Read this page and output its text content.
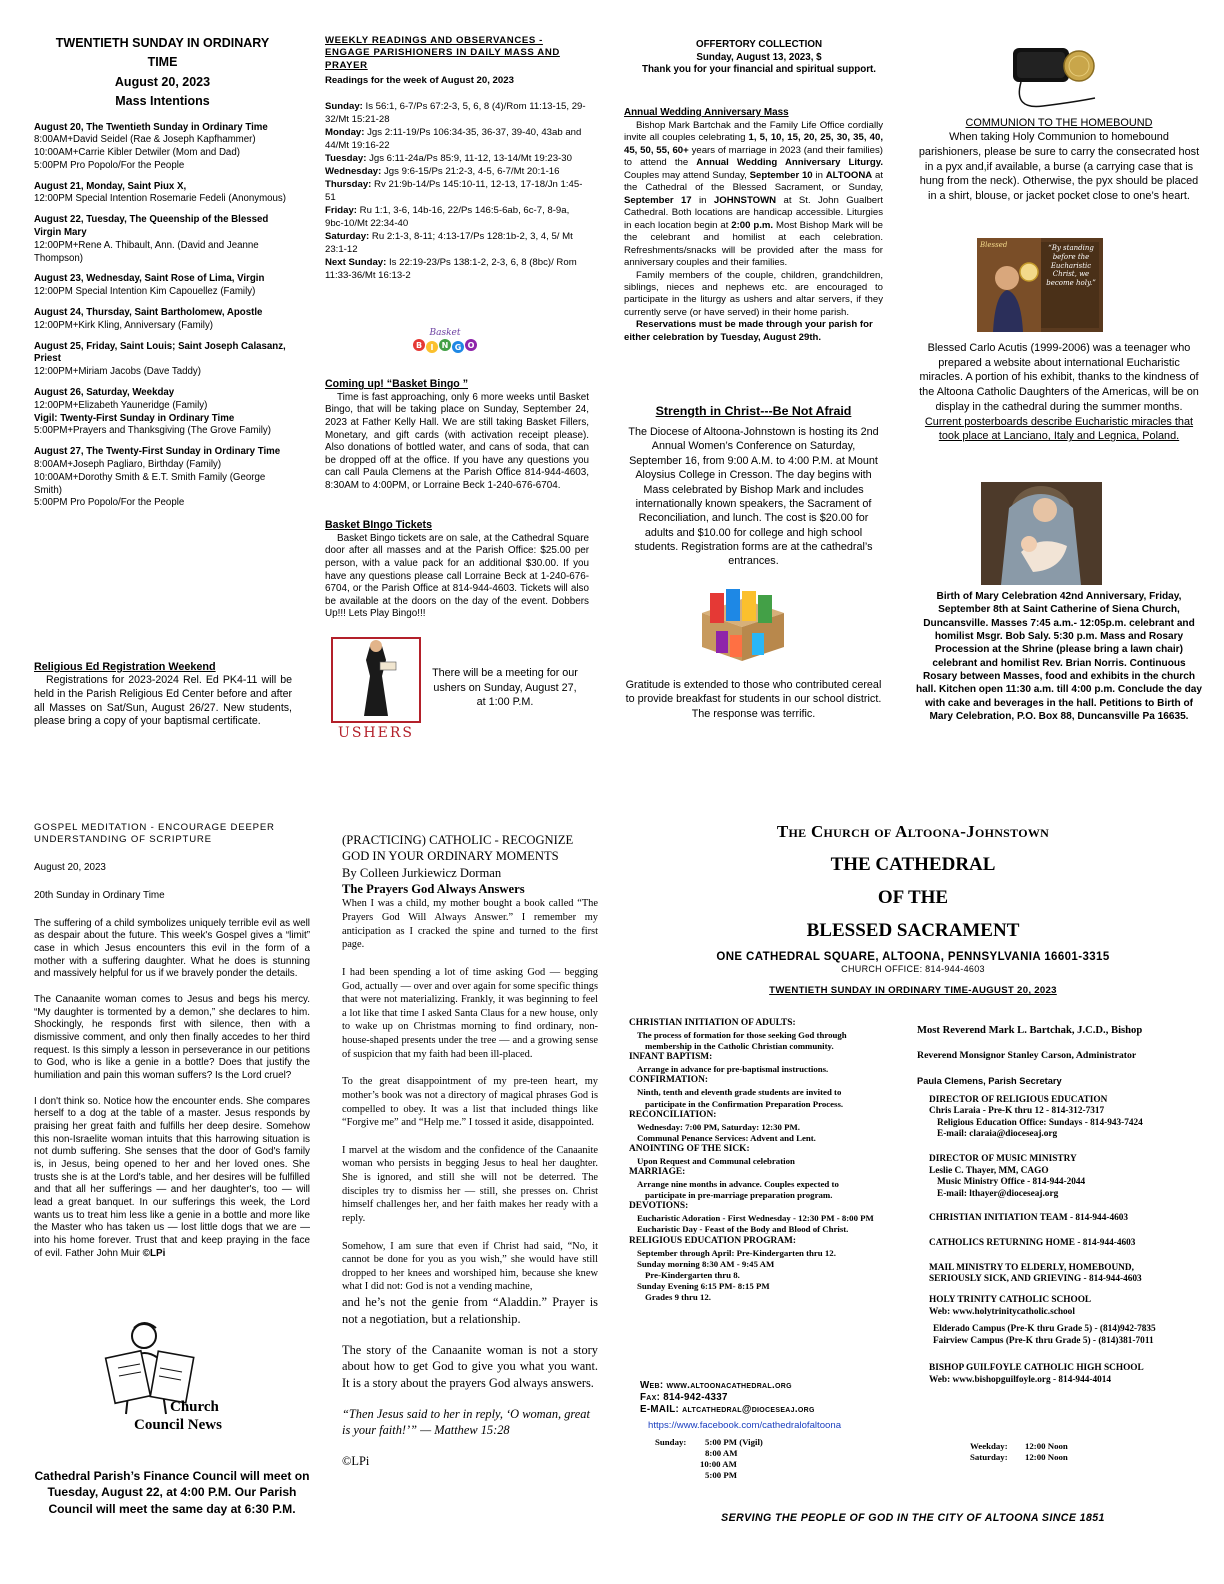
TWENTIETH SUNDAY IN ORDINARY
TIME
August 20, 2023
Mass Intentions

August 20, The Twentieth Sunday in Ordinary Time

8:00AM+David Seidel (Rae & Joseph Kapfhammer)

10:00AM+Carrie Kibler Detwiler (Mom and Dad)

5:00PM Pro Popolo/For the People

August 21, Monday, Saint Piux X,

12:00PM Special Intention Rosemarie Fedeli (Anonymous)

August 22, Tuesday, The Queenship of the Blessed Virgin Mary

12:00PM+Rene A. Thibault, Ann. (David and Jeanne Thompson)

August 23, Wednesday, Saint Rose of Lima, Virgin

12:00PM Special Intention Kim Capouellez (Family)

August 24, Thursday, Saint Bartholomew, Apostle

12:00PM+Kirk Kling, Anniversary (Family)

August 25, Friday, Saint Louis; Saint Joseph Calasanz, Priest

12:00PM+Miriam Jacobs (Dave Taddy)

August 26, Saturday, Weekday

12:00PM+Elizabeth Yauneridge (Family)

Vigil: Twenty-First Sunday in Ordinary Time

5:00PM+Prayers and Thanksgiving (The Grove Family)

August 27, The Twenty-First Sunday in Ordinary Time

8:00AM+Joseph Pagliaro, Birthday (Family)

10:00AM+Dorothy Smith & E.T. Smith Family (George Smith)

5:00PM Pro Popolo/For the People

Religious Ed Registration Weekend

Registrations for 2023-2024 Rel. Ed PK4-11 will be held in the Parish Religious Ed Center before and after all Masses on Sat/Sun, August 26/27. New students, please bring a copy of your baptismal certificate.

WEEKLY READINGS AND OBSERVANCES - ENGAGE PARISHIONERS IN DAILY MASS AND PRAYER

Readings for the week of August 20, 2023

Sunday: Is 56:1, 6-7/Ps 67:2-3, 5, 6, 8 (4)/Rom 11:13-15, 29-32/Mt 15:21-28

Monday: Jgs 2:11-19/Ps 106:34-35, 36-37, 39-40, 43ab and 44/Mt 19:16-22

Tuesday: Jgs 6:11-24a/Ps 85:9, 11-12, 13-14/Mt 19:23-30

Wednesday: Jgs 9:6-15/Ps 21:2-3, 4-5, 6-7/Mt 20:1-16

Thursday: Rv 21:9b-14/Ps 145:10-11, 12-13, 17-18/Jn 1:45-51

Friday: Ru 1:1, 3-6, 14b-16, 22/Ps 146:5-6ab, 6c-7, 8-9a, 9bc-10/Mt 22:34-40

Saturday: Ru 2:1-3, 8-11; 4:13-17/Ps 128:1b-2, 3, 4, 5/ Mt 23:1-12

Next Sunday: Is 22:19-23/Ps 138:1-2, 2-3, 6, 8 (8bc)/ Rom 11:33-36/Mt 16:13-2

Basket
B I N G O

Coming up! “Basket Bingo ”

Time is fast approaching, only 6 more weeks until Basket Bingo, that will be taking place on Sunday, September 24, 2023 at Father Kelly Hall. We are still taking Basket Fillers, Monetary, and gift cards (with activation receipt please). Also donations of bottled water, and cans of soda, that can be dropped off at the office. If you have any questions you can call Paula Clemens at the Parish Office 814-944-4603, 8:30AM to 4:00PM, or Lorraine Beck 1-240-676-6704.

Basket BIngo Tickets

Basket Bingo tickets are on sale, at the Cathedral Square door after all masses and at the Parish Office: $25.00 per person, with a value pack for an additional $30.00. If you have any questions please call Lorraine Beck at 1-240-676-6704, or the Parish Office at 814-944-4603. Tickets will also be available at the doors on the day of the event. Dobbers Up!!! Lets Play Bingo!!!

USHERS

There will be a meeting for our ushers on Sunday, August 27, at 1:00 P.M.

OFFERTORY COLLECTION

Sunday, August 13, 2023, $

Thank you for your financial and spiritual support.

Annual Wedding Anniversary Mass

Bishop Mark Bartchak and the Family Life Office cordially invite all couples celebrating 1, 5, 10, 15, 20, 25, 30, 35, 40, 45, 50, 55, 60+ years of marriage in 2023 (and their families) to attend the Annual Wedding Anniversary Liturgy. Couples may attend Sunday, September 10 in ALTOONA at the Cathedral of the Blessed Sacrament, or Sunday, September 17 in JOHNSTOWN at St. John Gualbert Cathedral. Both locations are handicap accessible. Liturgies in each location begin at 2:00 p.m. Most Bishop Mark will be the celebrant and homilist at each celebration. Refreshments/snacks will be provided after the mass for anniversary couples and their families.

Family members of the couple, children, grandchildren, siblings, nieces and nephews etc. are encouraged to participate in the liturgy as ushers and altar servers, if they currently serve (or have served) in their home parish.

Reservations must be made through your parish for either celebration by Tuesday, August 29th.

Strength in Christ---Be Not Afraid

The Diocese of Altoona-Johnstown is hosting its 2nd Annual Women’s Conference on Saturday, September 16, from 9:00 A.M. to 4:00 P.M. at Mount Aloysius College in Cresson. The day begins with Mass celebrated by Bishop Mark and includes internationally known speakers, the Sacrament of Reconciliation, and lunch. The cost is $20.00 for adults and $10.00 for college and high school students. Registration forms are at the cathedral’s entrances.

Gratitude is extended to those who contributed cereal to provide breakfast for students in our school district. The response was terrific.

COMMUNION TO THE HOMEBOUND

When taking Holy Communion to homebound parishioners, please be sure to carry the consecrated host in a pyx and,if available, a burse (a carrying case that is hung from the neck). Otherwise, the pyx should be placed in a shirt, blouse, or jacket pocket close to one’s heart.

Blessed	“By standing before the Eucharistic Christ, we become holy.”

Blessed Carlo Acutis (1999-2006) was a teenager who prepared a website about international Eucharistic miracles. A portion of his exhibit, thanks to the kindness of the Altoona Catholic Daughters of the Americas, will be on display in the cathedral during the summer months. Current posterboards describe Eucharistic miracles that took place at Lanciano, Italy and Legnica, Poland.

Birth of Mary Celebration 42nd Anniversary, Friday, September 8th at Saint Catherine of Siena Church, Duncansville. Masses 7:45 a.m.- 12:05p.m. celebrant and homilist Msgr. Bob Saly. 5:30 p.m. Mass and Rosary Procession at the Shrine (please bring a lawn chair) celebrant and homilist Rev. Brian Norris. Continuous Rosary between Masses, food and exhibits in the church hall. Kitchen open 11:30 a.m. till 4:00 p.m. Conclude the day with cake and beverages in the hall. Petitions to Birth of Mary Celebration, P.O. Box 88, Duncansville Pa 16635.

GOSPEL MEDITATION - ENCOURAGE DEEPER UNDERSTANDING OF SCRIPTURE

August 20, 2023

20th Sunday in Ordinary Time

The suffering of a child symbolizes uniquely terrible evil as well as despair about the future. This week's Gospel gives a “limit” case in which Jesus encounters this evil in the form of a mother with a suffering daughter. What he does is stunning and massively helpful for us if we bravely ponder the details.

The Canaanite woman comes to Jesus and begs his mercy. “My daughter is tormented by a demon,” she declares to him. Shockingly, he responds first with silence, then with a dismissive comment, and only then finally accedes to her third request. Is this simply a lesson in perseverance in our petitions to God, who is like a genie in a bottle? Does that justify the humiliation and pain this woman suffers? Is the Lord cruel?

I don't think so. Notice how the encounter ends. She compares herself to a dog at the table of a master. Jesus responds by praising her great faith and fulfills her deep desire. Somehow this non-Israelite woman intuits that this harrowing situation is not dumb suffering. She senses that the door of God's family is, in Jesus, being opened to her and her loved ones. She trusts she is at the Lord's table, and her desires will be fulfilled and that all her sufferings — and her daughter's, too — will lead a great banquet. In our sufferings this week, the Lord wants us to treat him less like a genie in a bottle and more like the Master who has taken us — lost little dogs that we are — into his home forever. Trust that and keep praying in the face of evil. Father John Muir ©LPi

Church
Council News

Cathedral Parish’s Finance Council will meet on Tuesday, August 22, at 4:00 P.M. Our Parish Council will meet the same day at 6:30 P.M.

(PRACTICING) CATHOLIC - RECOGNIZE GOD IN YOUR ORDINARY MOMENTS

By Colleen Jurkiewicz Dorman

The Prayers God Always Answers

When I was a child, my mother bought a book called “The Prayers God Will Always Answer.” I remember my anticipation as I cracked the spine and turned to the first page.

I had been spending a lot of time asking God — begging God, actually — over and over again for some specific things that were not materializing. Frankly, it was beginning to feel a lot like that time I asked Santa Claus for a new house, only to wake up on Christmas morning to find ordinary, non-house-shaped presents under the tree — and a growing sense of suspicion that my faith had been ill-placed.

To the great disappointment of my pre-teen heart, my mother’s book was not a directory of magical phrases God is compelled to obey. It was a list that included things like “Forgive me” and “Help me.” I tossed it aside, disappointed.

I marvel at the wisdom and the confidence of the Canaanite woman who persists in begging Jesus to heal her daughter. She is ignored, and still she will not be deterred. The disciples try to dismiss her — still, she presses on. Christ himself challenges her, and her faith makes her ready with a reply.

Somehow, I am sure that even if Christ had said, “No, it cannot be done for you as you wish,” she would have still dropped to her knees and worshiped him, because she knew what I did not: God is not a vending machine,

and he’s not the genie from “Aladdin.” Prayer is not a negotiation, but a relationship.

The story of the Canaanite woman is not a story about how to get God to give you what you want. It is a story about the prayers God always answers.

“Then Jesus said to her in reply, ‘O woman, great is your faith!’” — Matthew 15:28

©LPi

The Church of Altoona-Johnstown

THE CATHEDRAL

OF THE

BLESSED SACRAMENT

ONE CATHEDRAL SQUARE, ALTOONA, PENNSYLVANIA 16601-3315

CHURCH OFFICE: 814-944-4603

TWENTIETH SUNDAY IN ORDINARY TIME-AUGUST 20, 2023

CHRISTIAN INITIATION OF ADULTS:

The process of formation for those seeking God through

membership in the Catholic Christian community.

INFANT BAPTISM:

Arrange in advance for pre-baptismal instructions.

CONFIRMATION:

Ninth, tenth and eleventh grade students are invited to

participate in the Confirmation Preparation Process.

RECONCILIATION:

Wednesday: 7:00 PM, Saturday: 12:30 PM.

Communal Penance Services: Advent and Lent.

ANOINTING OF THE SICK:

Upon Request and Communal celebration

MARRIAGE:

Arrange nine months in advance. Couples expected to

participate in pre-marriage preparation program.

DEVOTIONS:

Eucharistic Adoration - First Wednesday - 12:30 PM - 8:00 PM

Eucharistic Day - Feast of the Body and Blood of Christ.

RELIGIOUS EDUCATION PROGRAM:

September through April: Pre-Kindergarten thru 12.

Sunday morning 8:30 AM - 9:45 AM

Pre-Kindergarten thru 8.

Sunday Evening 6:15 PM- 8:15 PM

Grades 9 thru 12.

Web: www.altoonacathedral.org

Fax: 814-942-4337

E-MAIL: altcathedral@dioceseaj.org

https://www.facebook.com/cathedralofaltoona

Sunday: 5:00 PM (Vigil)
8:00 AM
10:00 AM
5:00 PM

Most Reverend Mark L. Bartchak, J.C.D., Bishop

Reverend Monsignor Stanley Carson, Administrator

Paula Clemens, Parish Secretary

DIRECTOR OF RELIGIOUS EDUCATION

Chris Laraia - Pre-K thru 12 - 814-312-7317

Religious Education Office: Sundays - 814-943-7424

E-mail: claraia@dioceseaj.org

DIRECTOR OF MUSIC MINISTRY

Leslie C. Thayer, MM, CAGO

Music Ministry Office - 814-944-2044

E-mail: lthayer@dioceseaj.org

CHRISTIAN INITIATION TEAM - 814-944-4603

CATHOLICS RETURNING HOME - 814-944-4603

MAIL MINISTRY TO ELDERLY, HOMEBOUND, SERIOUSLY SICK, AND GRIEVING - 814-944-4603

HOLY TRINITY CATHOLIC SCHOOL

Web: www.holytrinitycatholic.school

Elderado Campus (Pre-K thru Grade 5) - (814)942-7835

Fairview Campus (Pre-K thru Grade 5) - (814)381-7011

BISHOP GUILFOYLE CATHOLIC HIGH SCHOOL

Web: www.bishopguilfoyle.org - 814-944-4014

Weekday: 12:00 Noon
Saturday: 12:00 Noon

SERVING THE PEOPLE OF GOD IN THE CITY OF ALTOONA SINCE 1851
